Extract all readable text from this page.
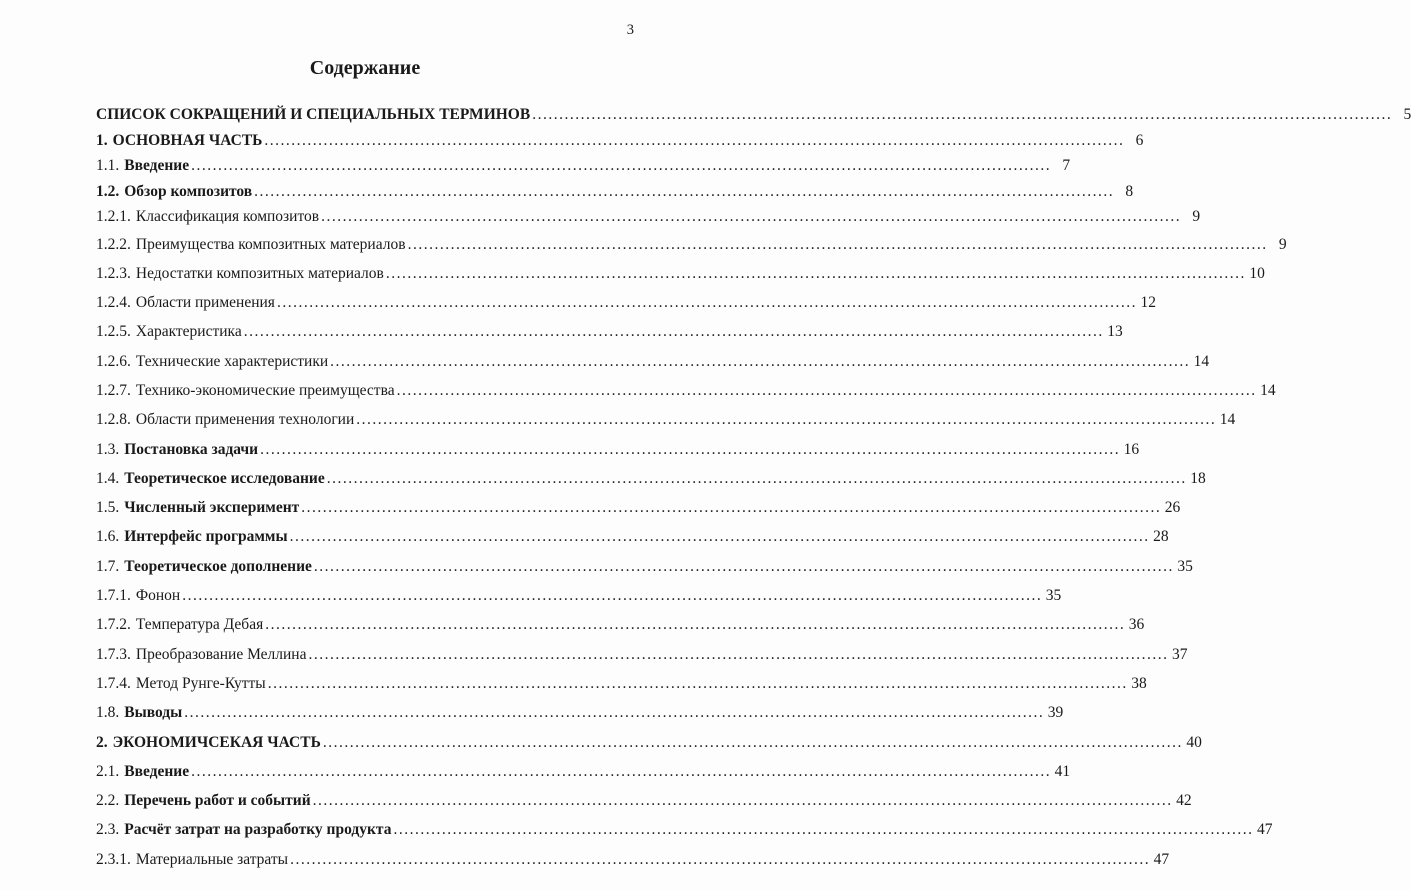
3
Содержание
СПИСОК СОКРАЩЕНИЙ И СПЕЦИАЛЬНЫХ ТЕРМИНОВ ................................................................................................................................................................ 5
1. ОСНОВНАЯ ЧАСТЬ ................................................................................................................................................................ 6
1.1. Введение ................................................................................................................................................................ 7
1.2. Обзор композитов ................................................................................................................................................................ 8
1.2.1. Классификация композитов ................................................................................................................................................................ 9
1.2.2. Преимущества композитных материалов ................................................................................................................................................................ 9
1.2.3. Недостатки композитных материалов ................................................................................................................................................................ 10
1.2.4. Области применения ................................................................................................................................................................ 12
1.2.5. Характеристика ................................................................................................................................................................ 13
1.2.6. Технические характеристики ................................................................................................................................................................ 14
1.2.7. Технико-экономические преимущества ................................................................................................................................................................ 14
1.2.8. Области применения технологии ................................................................................................................................................................ 14
1.3. Постановка задачи ................................................................................................................................................................ 16
1.4. Теоретическое исследование ................................................................................................................................................................ 18
1.5. Численный эксперимент ................................................................................................................................................................ 26
1.6. Интерфейс программы ................................................................................................................................................................ 28
1.7. Теоретическое дополнение ................................................................................................................................................................ 35
1.7.1. Фонон ................................................................................................................................................................ 35
1.7.2. Температура Дебая ................................................................................................................................................................ 36
1.7.3. Преобразование Меллина ................................................................................................................................................................ 37
1.7.4. Метод Рунге-Кутты ................................................................................................................................................................ 38
1.8. Выводы ................................................................................................................................................................ 39
2. ЭКОНОМИЧСЕКАЯ ЧАСТЬ ................................................................................................................................................................ 40
2.1. Введение ................................................................................................................................................................ 41
2.2. Перечень работ и событий ................................................................................................................................................................ 42
2.3. Расчёт затрат на разработку продукта ................................................................................................................................................................ 47
2.3.1. Материальные затраты ................................................................................................................................................................ 47
